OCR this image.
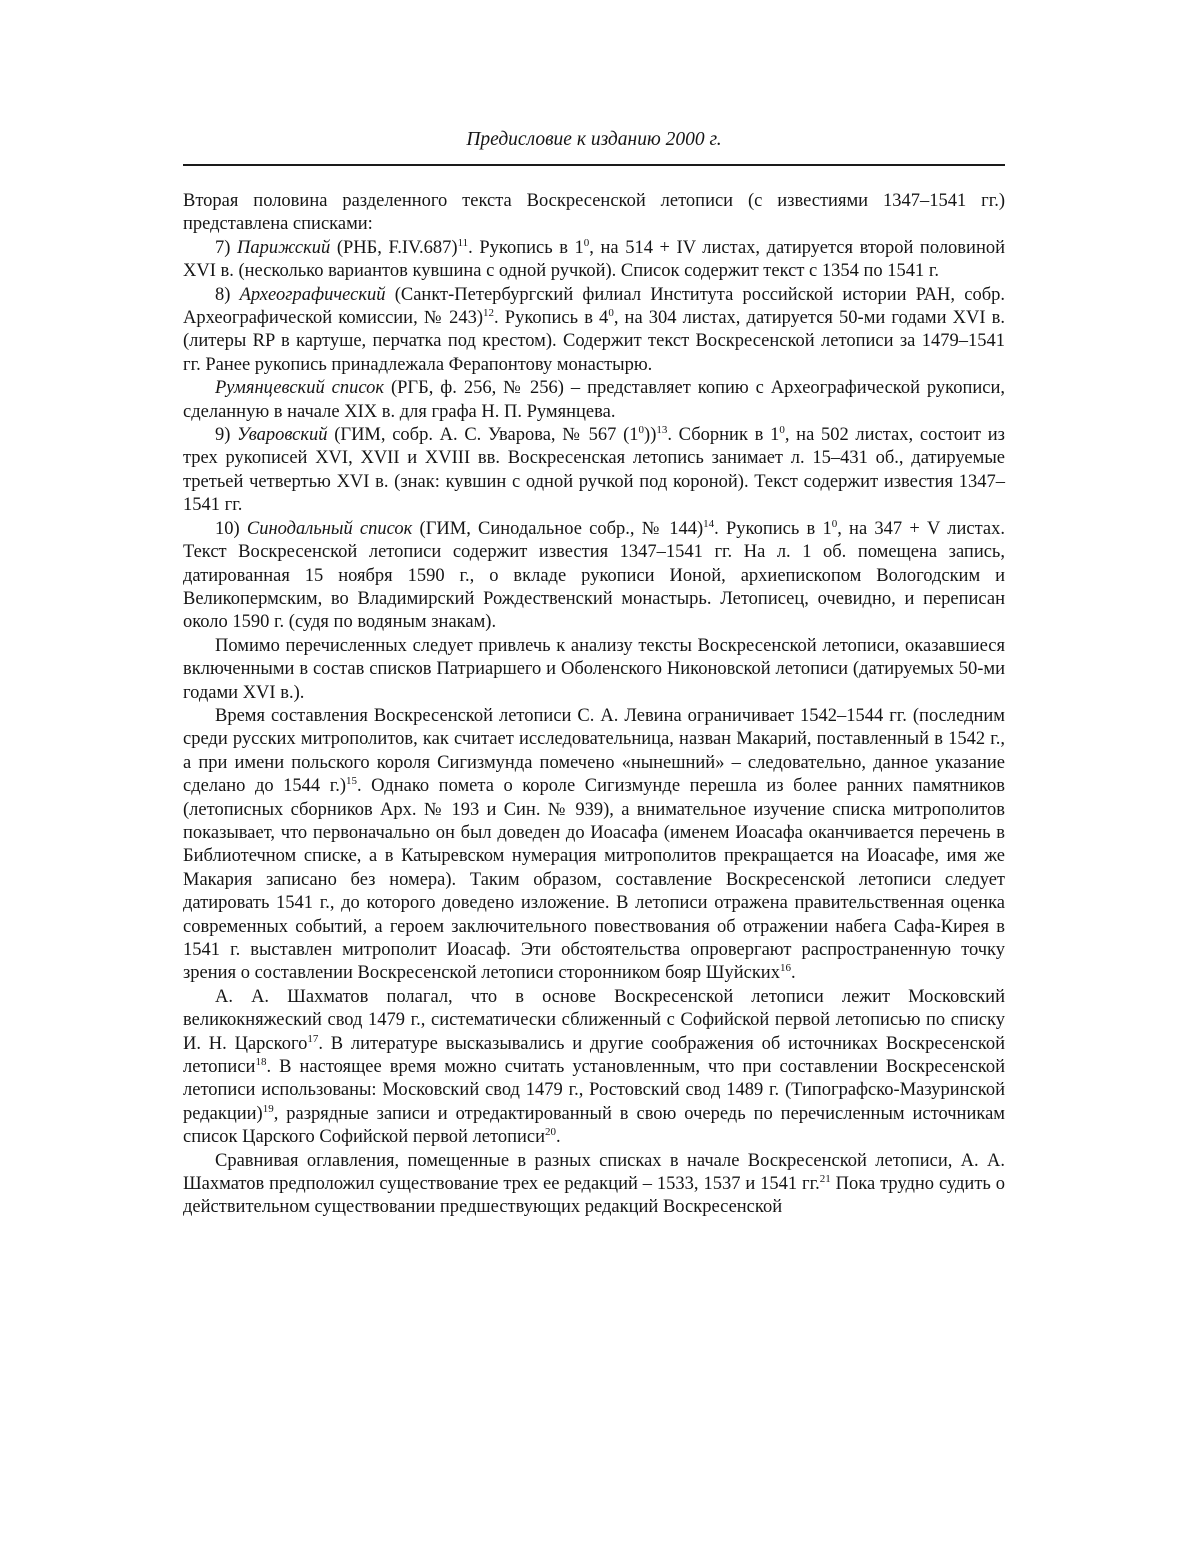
Предисловие к изданию 2000 г.

Вторая половина разделенного текста Воскресенской летописи (с известиями 1347–1541 гг.) представлена списками:

7) Парижский (РНБ, F.IV.687)$^{11}$. Рукопись в $1^0$, на 514 + IV листах, датируется второй половиной XVI в. (несколько вариантов кувшина с одной ручкой). Список содержит текст с 1354 по 1541 г.

8) Археографический (Санкт-Петербургский филиал Института российской истории РАН, собр. Археографической комиссии, № 243)$^{12}$. Рукопись в $4^0$, на 304 листах, датируется 50-ми годами XVI в. (литеры RP в картуше, перчатка под крестом). Содержит текст Воскресенской летописи за 1479–1541 гг. Ранее рукопись принадлежала Ферапонтову монастырю.

Румянцевский список (РГБ, ф. 256, № 256) – представляет копию с Археографической рукописи, сделанную в начале XIX в. для графа Н. П. Румянцева.

9) Уваровский (ГИМ, собр. А. С. Уварова, № 567 $(1^0))^{13}$. Сборник в $1^0$, на 502 листах, состоит из трех рукописей XVI, XVII и XVIII вв. Воскресенская летопись занимает л. 15–431 об., датируемые третьей четвертью XVI в. (знак: кувшин с одной ручкой под короной). Текст содержит известия 1347–1541 гг.

10) Синодальный список (ГИМ, Синодальное собр., № 144)$^{14}$. Рукопись в $1^0$, на 347 + V листах. Текст Воскресенской летописи содержит известия 1347–1541 гг. На л. 1 об. помещена запись, датированная 15 ноября 1590 г., о вкладе рукописи Ионой, архиепископом Вологодским и Великопермским, во Владимирский Рождественский монастырь. Летописец, очевидно, и переписан около 1590 г. (судя по водяным знакам).

Помимо перечисленных следует привлечь к анализу тексты Воскресенской летописи, оказавшиеся включенными в состав списков Патриаршего и Оболенского Никоновской летописи (датируемых 50-ми годами XVI в.).

Время составления Воскресенской летописи С. А. Левина ограничивает 1542–1544 гг. (последним среди русских митрополитов, как считает исследовательница, назван Макарий, поставленный в 1542 г., а при имени польского короля Сигизмунда помечено «нынешний» – следовательно, данное указание сделано до 1544 г.)$^{15}$. Однако помета о короле Сигизмунде перешла из более ранних памятников (летописных сборников Арх. № 193 и Син. № 939), а внимательное изучение списка митрополитов показывает, что первоначально он был доведен до Иоасафа (именем Иоасафа оканчивается перечень в Библиотечном списке, а в Катыревском нумерация митрополитов прекращается на Иоасафе, имя же Макария записано без номера). Таким образом, составление Воскресенской летописи следует датировать 1541 г., до которого доведено изложение. В летописи отражена правительственная оценка современных событий, а героем заключительного повествования об отражении набега Сафа-Кирея в 1541 г. выставлен митрополит Иоасаф. Эти обстоятельства опровергают распространенную точку зрения о составлении Воскресенской летописи сторонником бояр Шуйских$^{16}$.

А. А. Шахматов полагал, что в основе Воскресенской летописи лежит Московский великокняжеский свод 1479 г., систематически сближенный с Софийской первой летописью по списку И. Н. Царского$^{17}$. В литературе высказывались и другие соображения об источниках Воскресенской летописи$^{18}$. В настоящее время можно считать установленным, что при составлении Воскресенской летописи использованы: Московский свод 1479 г., Ростовский свод 1489 г. (Типографско-Мазуринской редакции)$^{19}$, разрядные записи и отредактированный в свою очередь по перечисленным источникам список Царского Софийской первой летописи$^{20}$.

Сравнивая оглавления, помещенные в разных списках в начале Воскресенской летописи, А. А. Шахматов предположил существование трех ее редакций – 1533, 1537 и 1541 гг.$^{21}$ Пока трудно судить о действительном существовании предшествующих редакций Воскресенской
